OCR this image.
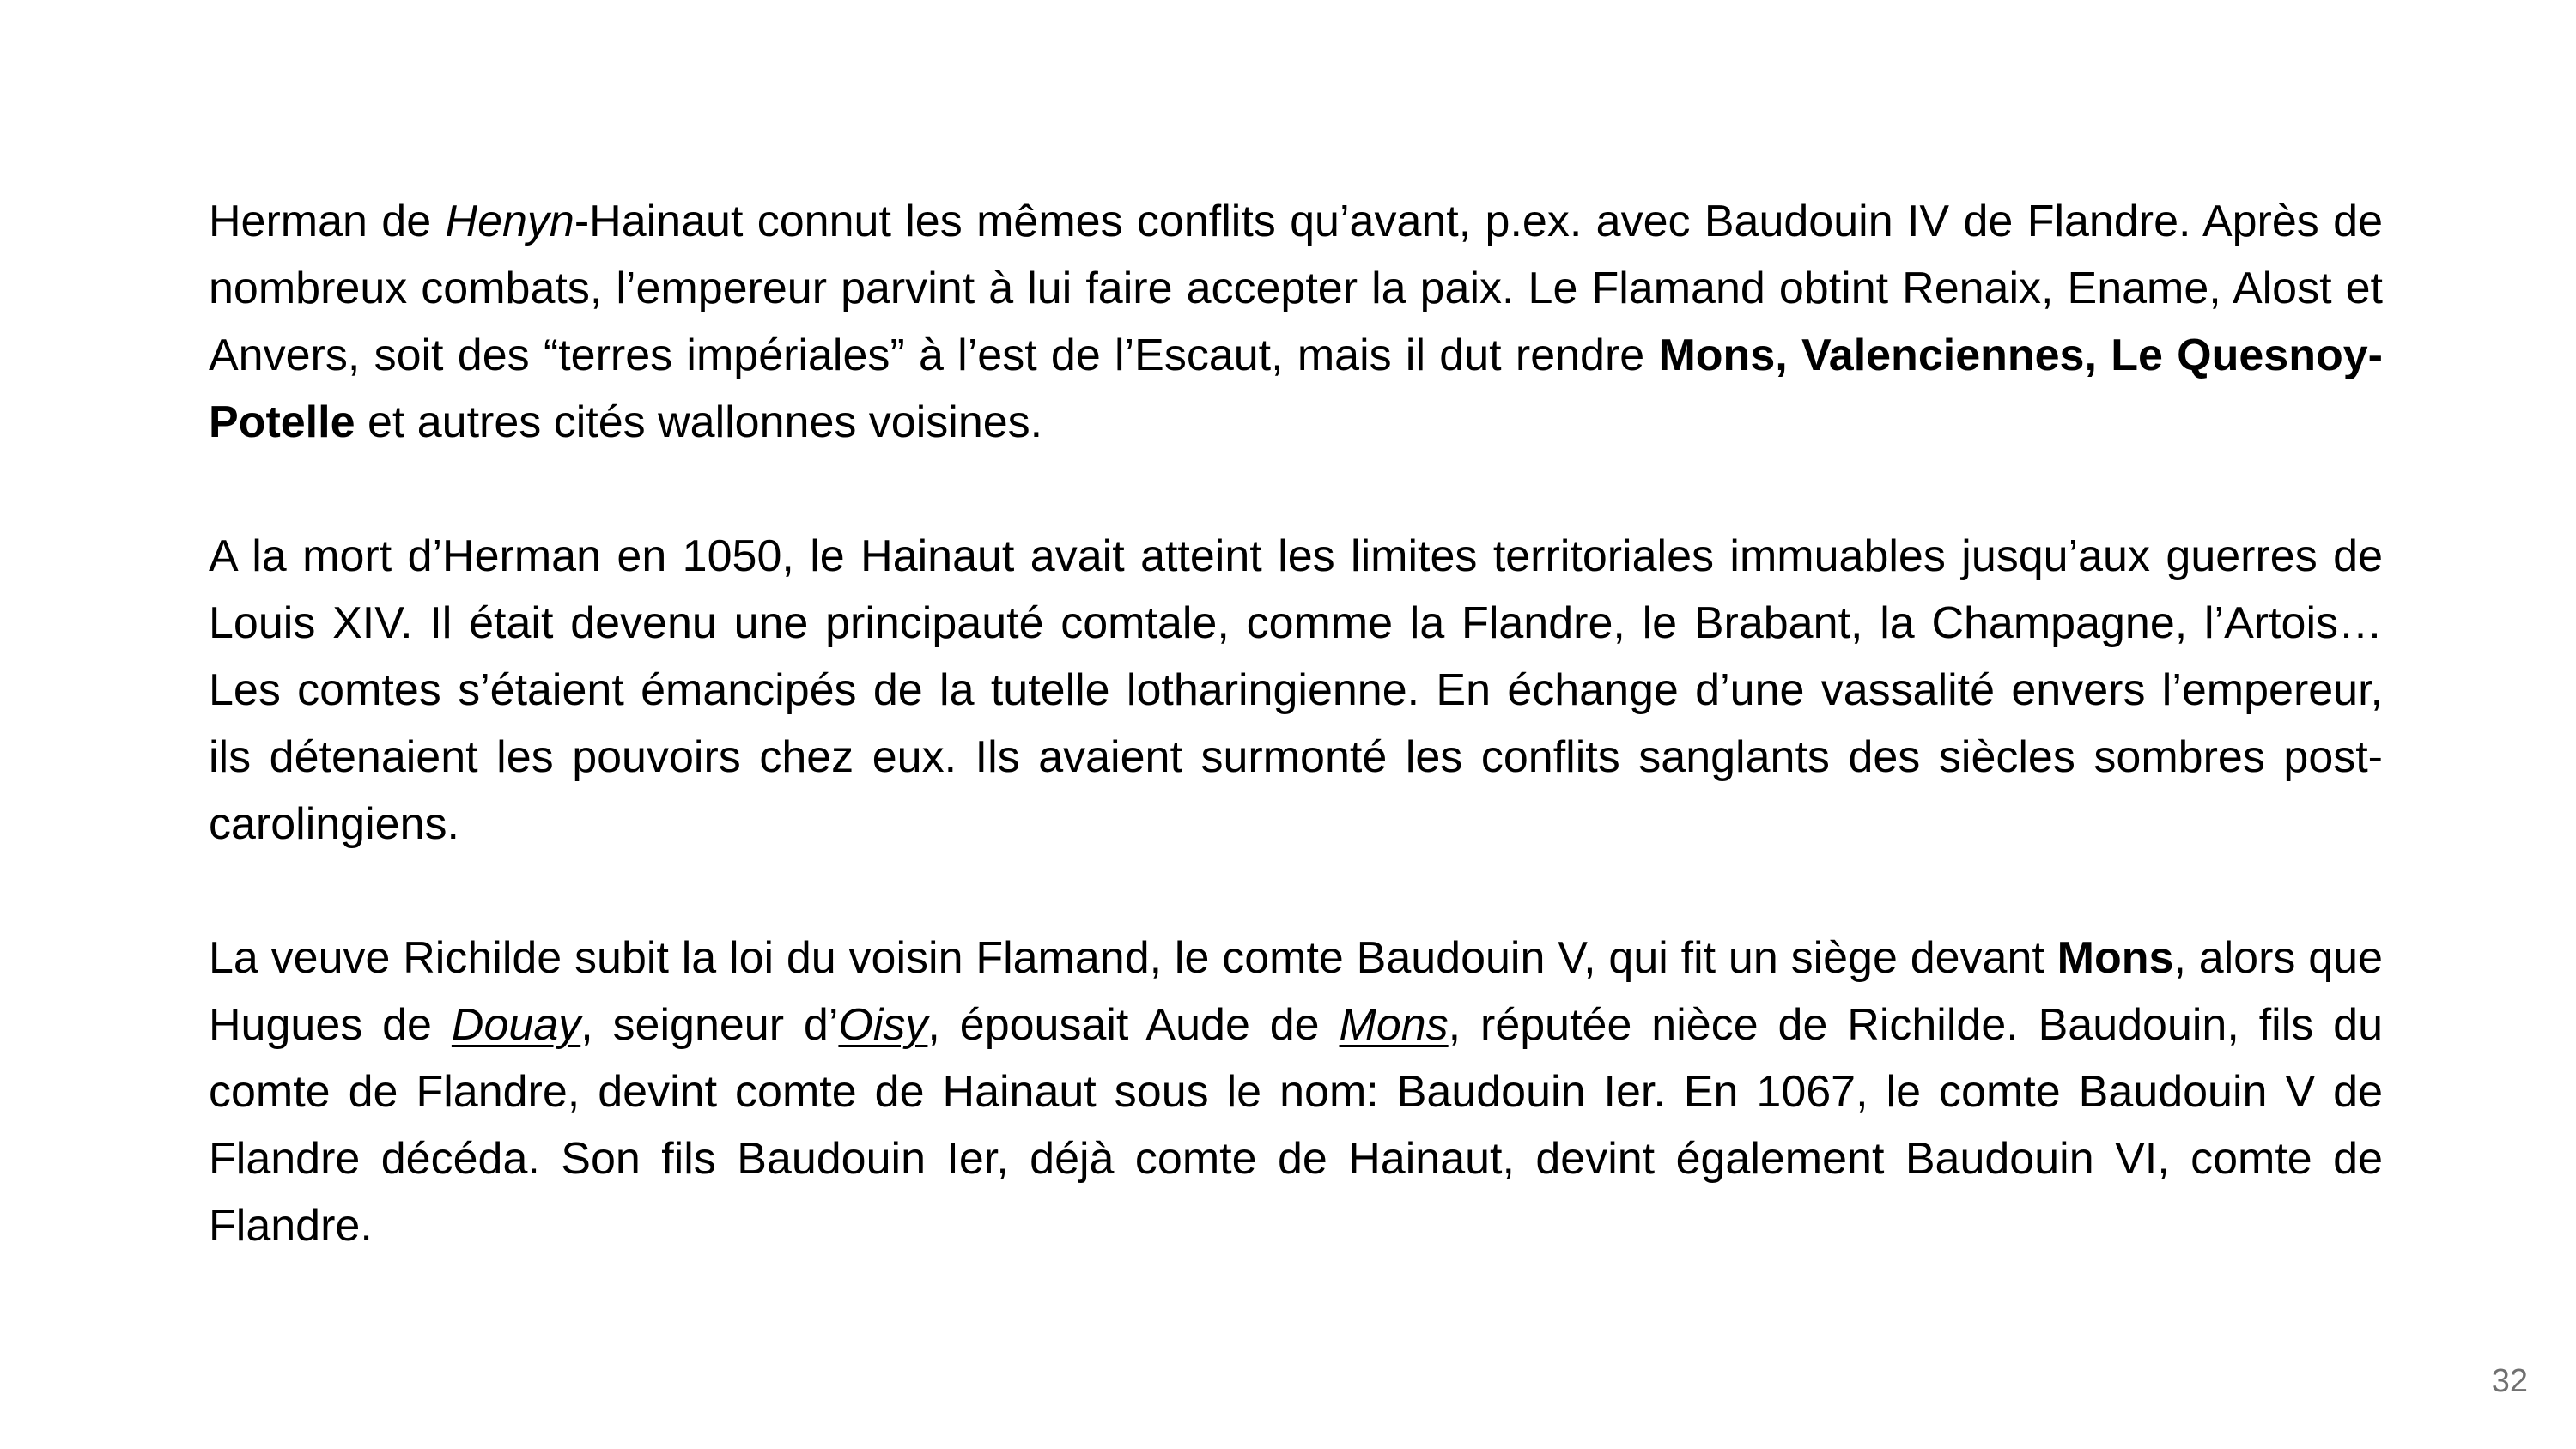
Herman de Henyn-Hainaut connut les mêmes conflits qu’avant, p.ex. avec Baudouin IV de Flandre. Après de nombreux combats, l’empereur parvint à lui faire accepter la paix. Le Flamand obtint Renaix, Ename, Alost et Anvers, soit des “terres impériales” à l’est de l’Escaut, mais il dut rendre Mons, Valenciennes, Le Quesnoy-Potelle et autres cités wallonnes voisines.

A la mort d’Herman en 1050, le Hainaut avait atteint les limites territoriales immuables jusqu’aux guerres de Louis XIV. Il était devenu une principauté comtale, comme la Flandre, le Brabant, la Champagne, l’Artois… Les comtes s’étaient émancipés de la tutelle lotharingienne. En échange d’une vassalité envers l’empereur, ils détenaient les pouvoirs chez eux. Ils avaient surmonté les conflits sanglants des siècles sombres post-carolingiens.

La veuve Richilde subit la loi du voisin Flamand, le comte Baudouin V, qui fit un siège devant Mons, alors que Hugues de Douay, seigneur d’Oisy, épousait Aude de Mons, réputée nièce de Richilde. Baudouin, fils du comte de Flandre, devint comte de Hainaut sous le nom: Baudouin Ier. En 1067, le comte Baudouin V de Flandre décéda. Son fils Baudouin Ier, déjà comte de Hainaut, devint également Baudouin VI, comte de Flandre.

32
